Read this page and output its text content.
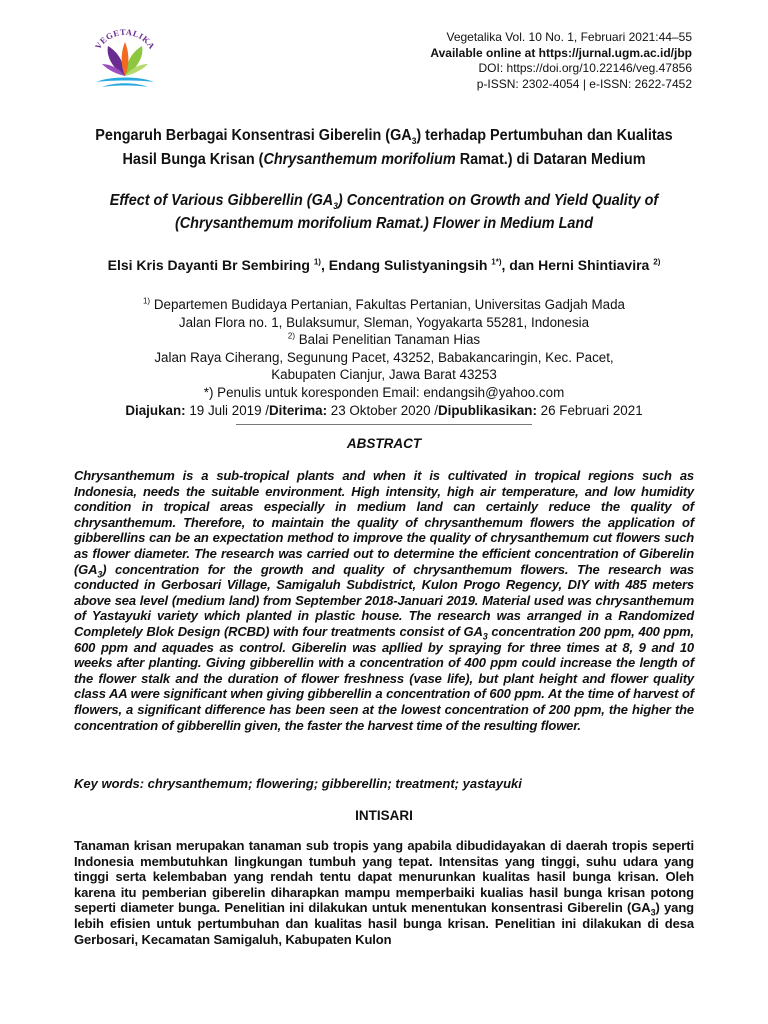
VEGETALIKA
Vegetalika Vol. 10 No. 1, Februari 2021:44–55
Available online at https://jurnal.ugm.ac.id/jbp
DOI: https://doi.org/10.22146/veg.47856
p-ISSN: 2302-4054 | e-ISSN: 2622-7452
Pengaruh Berbagai Konsentrasi Giberelin $(GA_3)$ terhadap Pertumbuhan dan Kualitas
Hasil Bunga Krisan (Chrysanthemum morifolium Ramat.) di Dataran Medium
Effect of Various Gibberellin $(GA_3)$ Concentration on Growth and Yield Quality of
(Chrysanthemum morifolium Ramat.) Flower in Medium Land
Elsi Kris Dayanti Br Sembiring $^{1)}$, Endang Sulistyaningsih $^{1*)}$, dan Herni Shintiavira $^{2)}$
$^{1)}$ Departemen Budidaya Pertanian, Fakultas Pertanian, Universitas Gadjah Mada
Jalan Flora no. 1, Bulaksumur, Sleman, Yogyakarta 55281, Indonesia
$^{2)}$ Balai Penelitian Tanaman Hias
Jalan Raya Ciherang, Segunung Pacet, 43252, Babakancaringin, Kec. Pacet,
Kabupaten Cianjur, Jawa Barat 43253
*) Penulis untuk koresponden Email: endangsih@yahoo.com
Diajukan: 19 Juli 2019 /Diterima: 23 Oktober 2020 /Dipublikasikan: 26 Februari 2021
ABSTRACT
Chrysanthemum is a sub-tropical plants and when it is cultivated in tropical regions such as Indonesia, needs the suitable environment. High intensity, high air temperature, and low humidity condition in tropical areas especially in medium land can certainly reduce the quality of chrysanthemum. Therefore, to maintain the quality of chrysanthemum flowers the application of gibberellins can be an expectation method to improve the quality of chrysanthemum cut flowers such as flower diameter. The research was carried out to determine the efficient concentration of Giberelin $(GA_3)$ concentration for the growth and quality of chrysanthemum flowers. The research was conducted in Gerbosari Village, Samigaluh Subdistrict, Kulon Progo Regency, DIY with 485 meters above sea level (medium land) from September 2018-Januari 2019. Material used was chrysanthemum of Yastayuki variety which planted in plastic house. The research was arranged in a Randomized Completely Blok Design (RCBD) with four treatments consist of $GA_3$ concentration 200 ppm, 400 ppm, 600 ppm and aquades as control. Giberelin was apllied by spraying for three times at 8, 9 and 10 weeks after planting. Giving gibberellin with a concentration of 400 ppm could increase the length of the flower stalk and the duration of flower freshness (vase life), but plant height and flower quality class AA were significant when giving gibberellin a concentration of 600 ppm. At the time of harvest of flowers, a significant difference has been seen at the lowest concentration of 200 ppm, the higher the concentration of gibberellin given, the faster the harvest time of the resulting flower.
Key words: chrysanthemum; flowering; gibberellin; treatment; yastayuki
INTISARI
Tanaman krisan merupakan tanaman sub tropis yang apabila dibudidayakan di daerah tropis seperti Indonesia membutuhkan lingkungan tumbuh yang tepat. Intensitas yang tinggi, suhu udara yang tinggi serta kelembaban yang rendah tentu dapat menurunkan kualitas hasil bunga krisan. Oleh karena itu pemberian giberelin diharapkan mampu memperbaiki kualias hasil bunga krisan potong seperti diameter bunga. Penelitian ini dilakukan untuk menentukan konsentrasi Giberelin $(GA_3)$ yang lebih efisien untuk pertumbuhan dan kualitas hasil bunga krisan. Penelitian ini dilakukan di desa Gerbosari, Kecamatan Samigaluh, Kabupaten Kulon
